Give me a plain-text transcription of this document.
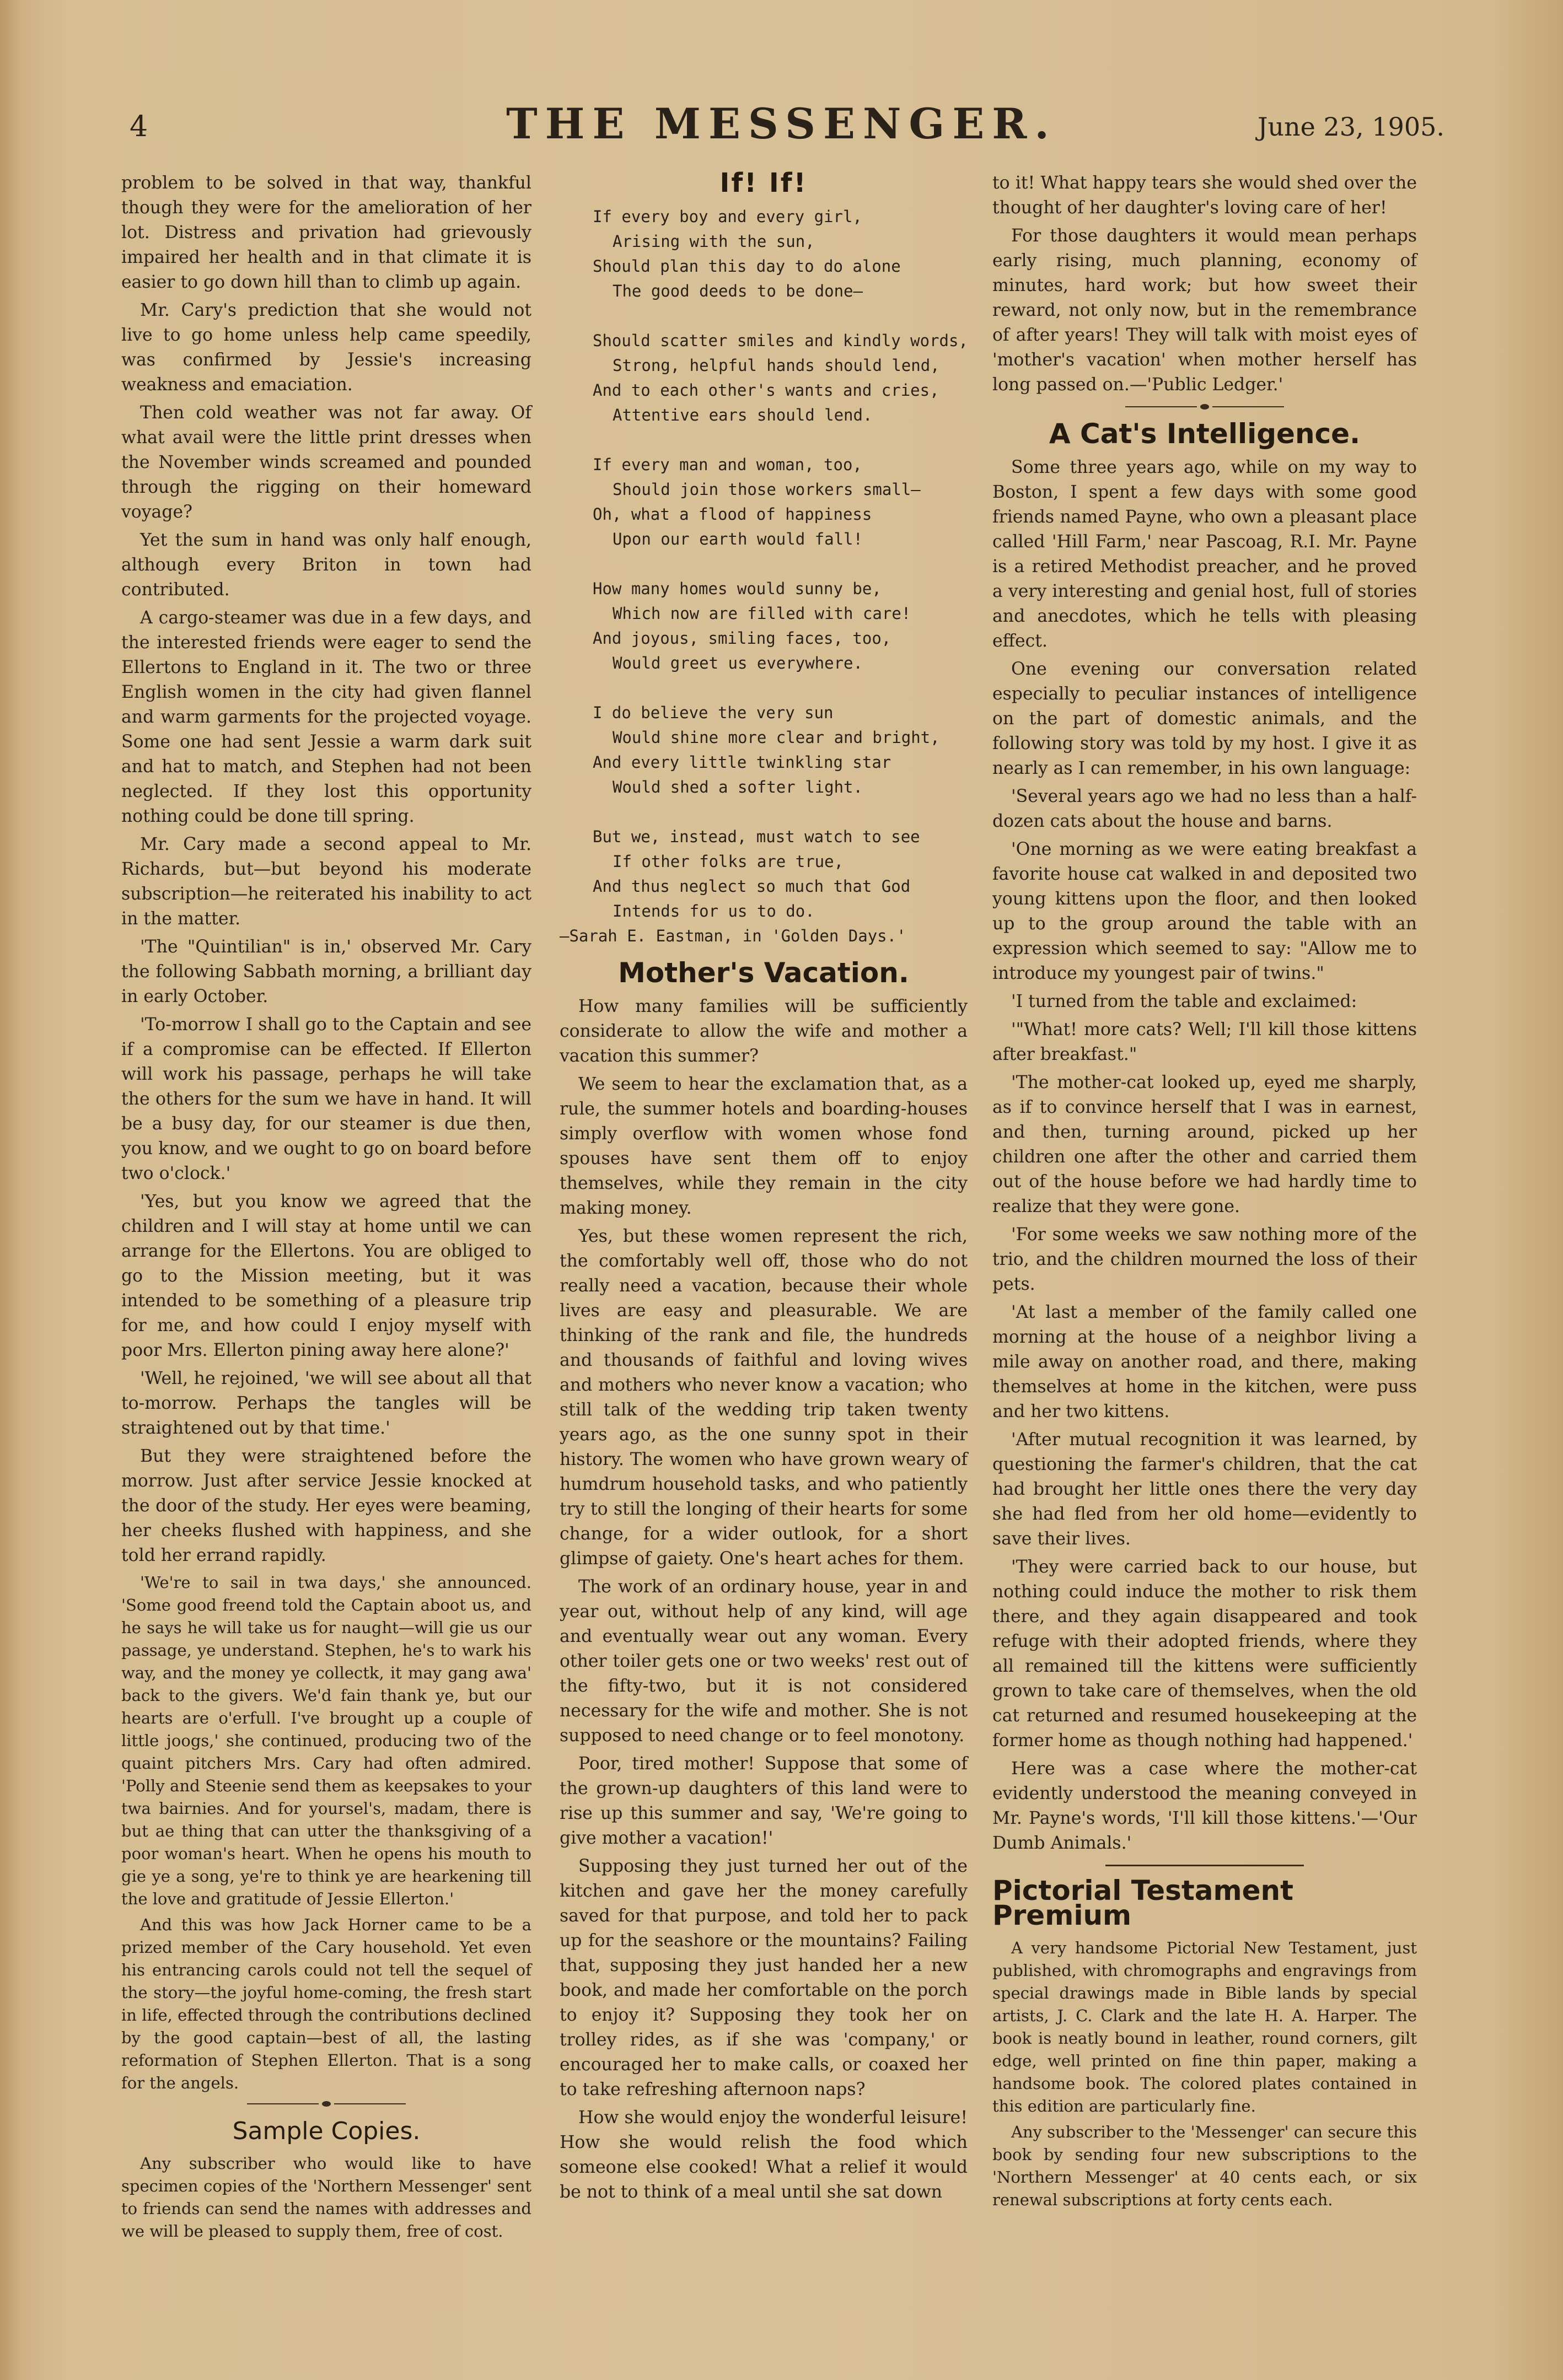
4	THE MESSENGER.	June 23, 1905.

problem to be solved in that way, thankful though they were for the amelioration of her lot. Distress and privation had grievously impaired her health and in that climate it is easier to go down hill than to climb up again.

Mr. Cary's prediction that she would not live to go home unless help came speedily, was confirmed by Jessie's increasing weakness and emaciation.

Then cold weather was not far away. Of what avail were the little print dresses when the November winds screamed and pounded through the rigging on their homeward voyage?

Yet the sum in hand was only half enough, although every Briton in town had contributed.

A cargo-steamer was due in a few days, and the interested friends were eager to send the Ellertons to England in it. The two or three English women in the city had given flannel and warm garments for the projected voyage. Some one had sent Jessie a warm dark suit and hat to match, and Stephen had not been neglected. If they lost this opportunity nothing could be done till spring.

Mr. Cary made a second appeal to Mr. Richards, but—but beyond his moderate subscription—he reiterated his inability to act in the matter.

'The "Quintilian" is in,' observed Mr. Cary the following Sabbath morning, a brilliant day in early October.

'To-morrow I shall go to the Captain and see if a compromise can be effected. If Ellerton will work his passage, perhaps he will take the others for the sum we have in hand. It will be a busy day, for our steamer is due then, you know, and we ought to go on board before two o'clock.'

'Yes, but you know we agreed that the children and I will stay at home until we can arrange for the Ellertons. You are obliged to go to the Mission meeting, but it was intended to be something of a pleasure trip for me, and how could I enjoy myself with poor Mrs. Ellerton pining away here alone?'

'Well, he rejoined, 'we will see about all that to-morrow. Perhaps the tangles will be straightened out by that time.'

But they were straightened before the morrow. Just after service Jessie knocked at the door of the study. Her eyes were beaming, her cheeks flushed with happiness, and she told her errand rapidly.

'We're to sail in twa days,' she announced. 'Some good freend told the Captain aboot us, and he says he will take us for naught—will gie us our passage, ye understand. Stephen, he's to wark his way, and the money ye collectk, it may gang awa' back to the givers. We'd fain thank ye, but our hearts are o'erfull. I've brought up a couple of little joogs,' she continued, producing two of the quaint pitchers Mrs. Cary had often admired. 'Polly and Steenie send them as keepsakes to your twa bairnies. And for yoursel's, madam, there is but ae thing that can utter the thanksgiving of a poor woman's heart. When he opens his mouth to gie ye a song, ye're to think ye are hearkening till the love and gratitude of Jessie Ellerton.'

And this was how Jack Horner came to be a prized member of the Cary household. Yet even his entrancing carols could not tell the sequel of the story—the joyful home-coming, the fresh start in life, effected through the contributions declined by the good captain—best of all, the lasting reformation of Stephen Ellerton. That is a song for the angels.

Sample Copies.

Any subscriber who would like to have specimen copies of the 'Northern Messenger' sent to friends can send the names with addresses and we will be pleased to supply them, free of cost.

If! If!
If every boy and every girl,
Arising with the sun,
Should plan this day to do alone
The good deeds to be done—
Should scatter smiles and kindly words,
Strong, helpful hands should lend,
And to each other's wants and cries,
Attentive ears should lend.
If every man and woman, too,
Should join those workers small—
Oh, what a flood of happiness
Upon our earth would fall!
How many homes would sunny be,
Which now are filled with care!
And joyous, smiling faces, too,
Would greet us everywhere.
I do believe the very sun
Would shine more clear and bright,
And every little twinkling star
Would shed a softer light.
But we, instead, must watch to see
If other folks are true,
And thus neglect so much that God
Intends for us to do.
—Sarah E. Eastman, in 'Golden Days.'
Mother's Vacation.

How many families will be sufficiently considerate to allow the wife and mother a vacation this summer?

We seem to hear the exclamation that, as a rule, the summer hotels and boarding-houses simply overflow with women whose fond spouses have sent them off to enjoy themselves, while they remain in the city making money.

Yes, but these women represent the rich, the comfortably well off, those who do not really need a vacation, because their whole lives are easy and pleasurable. We are thinking of the rank and file, the hundreds and thousands of faithful and loving wives and mothers who never know a vacation; who still talk of the wedding trip taken twenty years ago, as the one sunny spot in their history. The women who have grown weary of humdrum household tasks, and who patiently try to still the longing of their hearts for some change, for a wider outlook, for a short glimpse of gaiety. One's heart aches for them.

The work of an ordinary house, year in and year out, without help of any kind, will age and eventually wear out any woman. Every other toiler gets one or two weeks' rest out of the fifty-two, but it is not considered necessary for the wife and mother. She is not supposed to need change or to feel monotony.

Poor, tired mother! Suppose that some of the grown-up daughters of this land were to rise up this summer and say, 'We're going to give mother a vacation!'

Supposing they just turned her out of the kitchen and gave her the money carefully saved for that purpose, and told her to pack up for the seashore or the mountains? Failing that, supposing they just handed her a new book, and made her comfortable on the porch to enjoy it? Supposing they took her on trolley rides, as if she was 'company,' or encouraged her to make calls, or coaxed her to take refreshing afternoon naps?

How she would enjoy the wonderful leisure! How she would relish the food which someone else cooked! What a relief it would be not to think of a meal until she sat down

to it! What happy tears she would shed over the thought of her daughter's loving care of her!

For those daughters it would mean perhaps early rising, much planning, economy of minutes, hard work; but how sweet their reward, not only now, but in the remembrance of after years! They will talk with moist eyes of 'mother's vacation' when mother herself has long passed on.—'Public Ledger.'

A Cat's Intelligence.

Some three years ago, while on my way to Boston, I spent a few days with some good friends named Payne, who own a pleasant place called 'Hill Farm,' near Pascoag, R.I. Mr. Payne is a retired Methodist preacher, and he proved a very interesting and genial host, full of stories and anecdotes, which he tells with pleasing effect.

One evening our conversation related especially to peculiar instances of intelligence on the part of domestic animals, and the following story was told by my host. I give it as nearly as I can remember, in his own language:

'Several years ago we had no less than a half-dozen cats about the house and barns.

'One morning as we were eating breakfast a favorite house cat walked in and deposited two young kittens upon the floor, and then looked up to the group around the table with an expression which seemed to say: "Allow me to introduce my youngest pair of twins."

'I turned from the table and exclaimed:

'"What! more cats? Well; I'll kill those kittens after breakfast."

'The mother-cat looked up, eyed me sharply, as if to convince herself that I was in earnest, and then, turning around, picked up her children one after the other and carried them out of the house before we had hardly time to realize that they were gone.

'For some weeks we saw nothing more of the trio, and the children mourned the loss of their pets.

'At last a member of the family called one morning at the house of a neighbor living a mile away on another road, and there, making themselves at home in the kitchen, were puss and her two kittens.

'After mutual recognition it was learned, by questioning the farmer's children, that the cat had brought her little ones there the very day she had fled from her old home—evidently to save their lives.

'They were carried back to our house, but nothing could induce the mother to risk them there, and they again disappeared and took refuge with their adopted friends, where they all remained till the kittens were sufficiently grown to take care of themselves, when the old cat returned and resumed housekeeping at the former home as though nothing had happened.'

Here was a case where the mother-cat evidently understood the meaning conveyed in Mr. Payne's words, 'I'll kill those kittens.'—'Our Dumb Animals.'

Pictorial Testament Premium

A very handsome Pictorial New Testament, just published, with chromographs and engravings from special drawings made in Bible lands by special artists, J. C. Clark and the late H. A. Harper. The book is neatly bound in leather, round corners, gilt edge, well printed on fine thin paper, making a handsome book. The colored plates contained in this edition are particularly fine.

Any subscriber to the 'Messenger' can secure this book by sending four new subscriptions to the 'Northern Messenger' at 40 cents each, or six renewal subscriptions at forty cents each.
